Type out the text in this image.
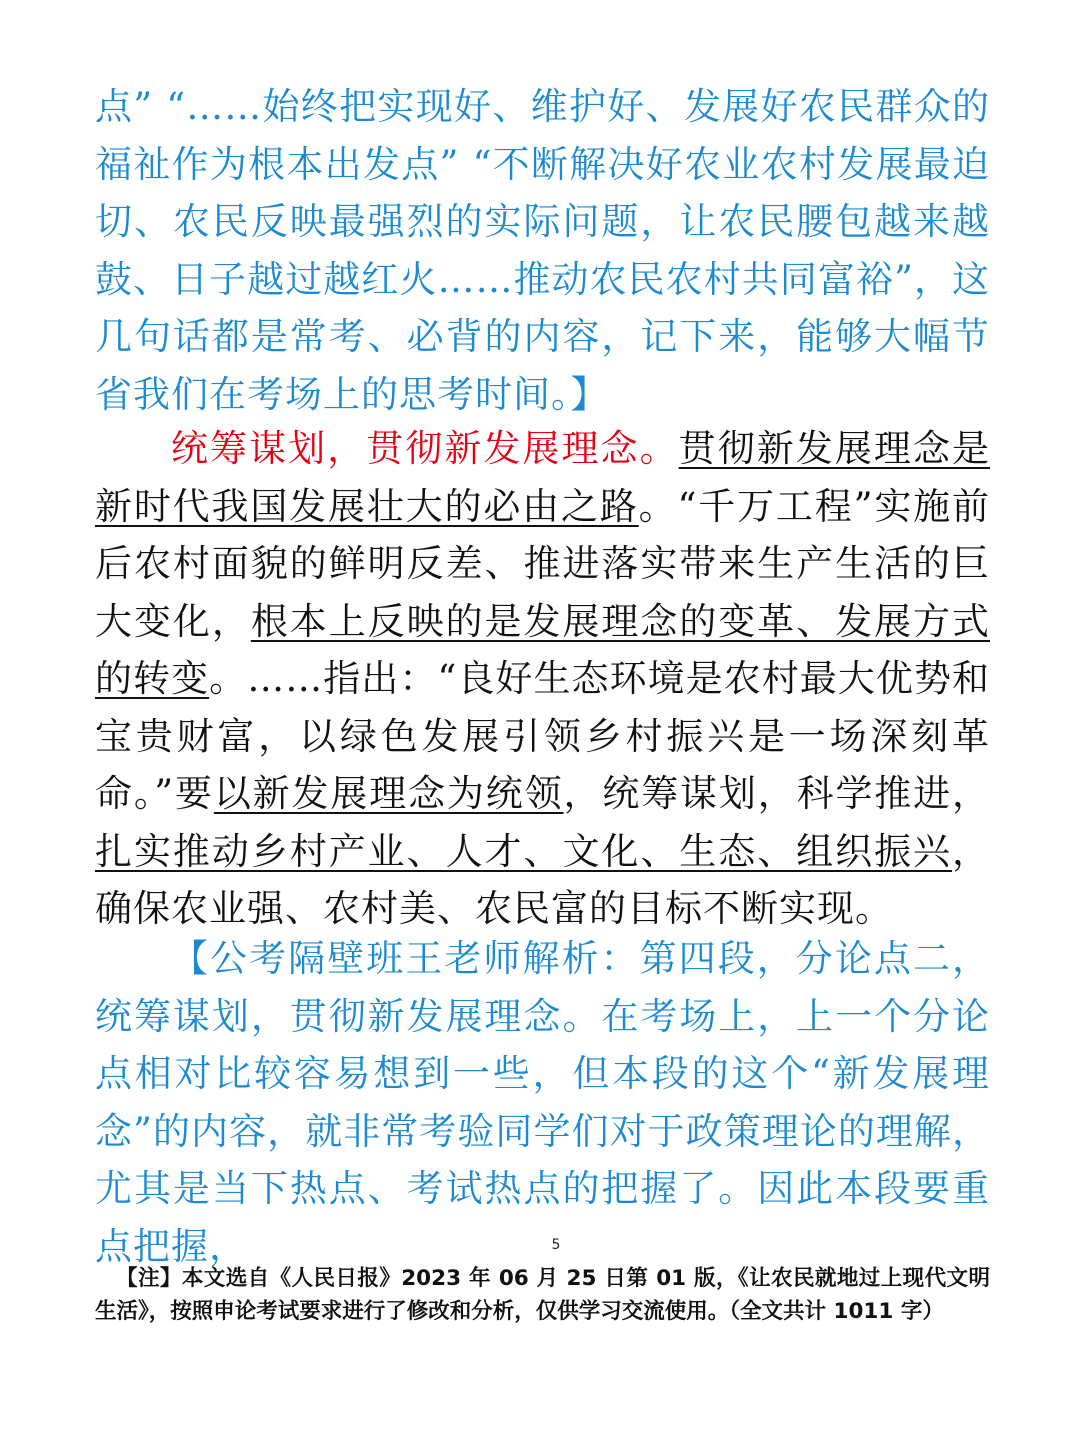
点” “……始终把实现好、维护好、发展好农民群众的福祉作为根本出发点” “不断解决好农业农村发展最迫切、农民反映最强烈的实际问题，让农民腰包越来越鼓、日子越过越红火……推动农民农村共同富裕”，这几句话都是常考、必背的内容，记下来，能够大幅节省我们在考场上的思考时间。】
统筹谋划，贯彻新发展理念。贯彻新发展理念是新时代我国发展壮大的必由之路。“千万工程”实施前后农村面貌的鲜明反差、推进落实带来生产生活的巨大变化，根本上反映的是发展理念的变革、发展方式的转变。……指出：“良好生态环境是农村最大优势和宝贵财富，以绿色发展引领乡村振兴是一场深刻革命。”要以新发展理念为统领，统筹谋划，科学推进，扎实推动乡村产业、人才、文化、生态、组织振兴，确保农业强、农村美、农民富的目标不断实现。
【公考隔壁班王老师解析：第四段，分论点二，统筹谋划，贯彻新发展理念。在考场上，上一个分论点相对比较容易想到一些，但本段的这个“新发展理念”的内容，就非常考验同学们对于政策理论的理解，尤其是当下热点、考试热点的把握了。因此本段要重点把握，	5
【注】本文选自《人民日报》2023 年 06 月 25 日第 01 版，《让农民就地过上现代文明生活》，按照申论考试要求进行了修改和分析，仅供学习交流使用。（全文共计 1011 字）
